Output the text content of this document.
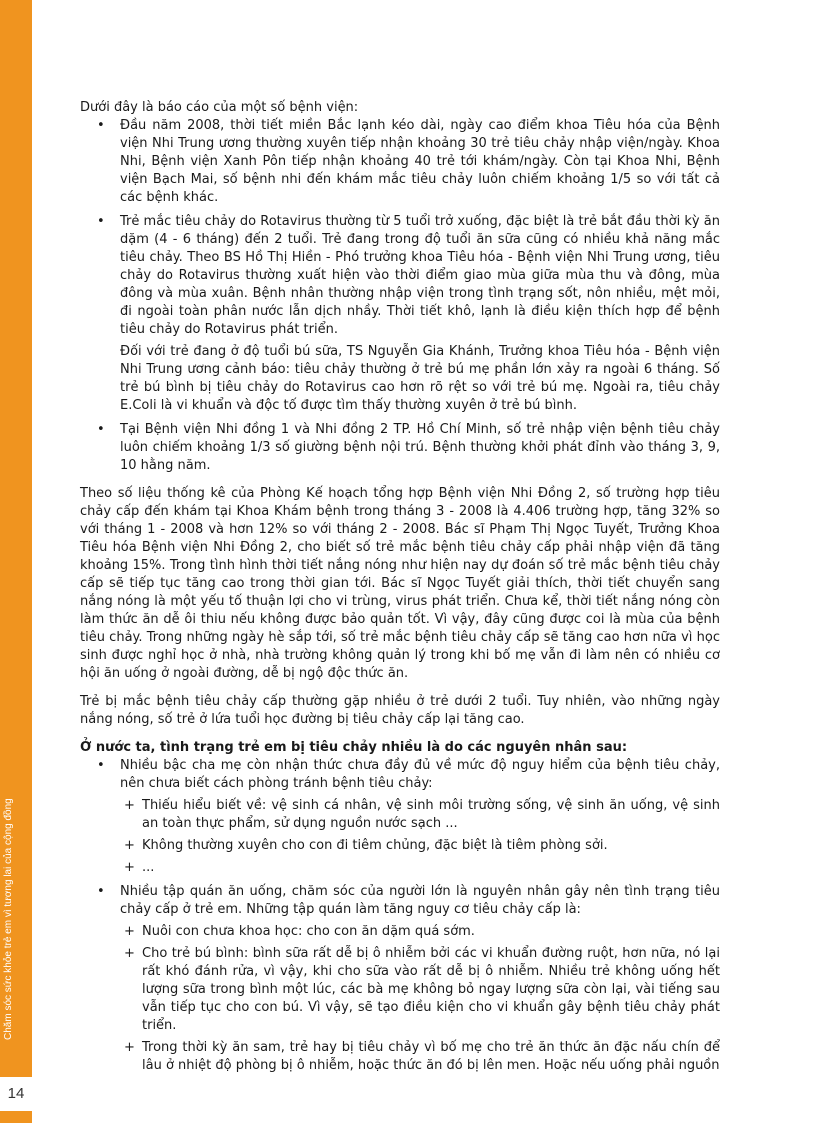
Chăm sóc sức khỏe trẻ em vì tương lai của cộng đồng
14

Dưới đây là báo cáo của một số bệnh viện:

• Đầu năm 2008, thời tiết miền Bắc lạnh kéo dài, ngày cao điểm khoa Tiêu hóa của Bệnh viện Nhi Trung ương thường xuyên tiếp nhận khoảng 30 trẻ tiêu chảy nhập viện/ngày. Khoa Nhi, Bệnh viện Xanh Pôn tiếp nhận khoảng 40 trẻ tới khám/ngày. Còn tại Khoa Nhi, Bệnh viện Bạch Mai, số bệnh nhi đến khám mắc tiêu chảy luôn chiếm khoảng 1/5 so với tất cả các bệnh khác.
• Trẻ mắc tiêu chảy do Rotavirus thường từ 5 tuổi trở xuống, đặc biệt là trẻ bắt đầu thời kỳ ăn dặm (4 - 6 tháng) đến 2 tuổi. Trẻ đang trong độ tuổi ăn sữa cũng có nhiều khả năng mắc tiêu chảy. Theo BS Hồ Thị Hiền - Phó trưởng khoa Tiêu hóa - Bệnh viện Nhi Trung ương, tiêu chảy do Rotavirus thường xuất hiện vào thời điểm giao mùa giữa mùa thu và đông, mùa đông và mùa xuân. Bệnh nhân thường nhập viện trong tình trạng sốt, nôn nhiều, mệt mỏi, đi ngoài toàn phân nước lẫn dịch nhầy. Thời tiết khô, lạnh là điều kiện thích hợp để bệnh tiêu chảy do Rotavirus phát triển.

Đối với trẻ đang ở độ tuổi bú sữa, TS Nguyễn Gia Khánh, Trưởng khoa Tiêu hóa - Bệnh viện Nhi Trung ương cảnh báo: tiêu chảy thường ở trẻ bú mẹ phần lớn xảy ra ngoài 6 tháng. Số trẻ bú bình bị tiêu chảy do Rotavirus cao hơn rõ rệt so với trẻ bú mẹ. Ngoài ra, tiêu chảy E.Coli là vi khuẩn và độc tố được tìm thấy thường xuyên ở trẻ bú bình.

• Tại Bệnh viện Nhi đồng 1 và Nhi đồng 2 TP. Hồ Chí Minh, số trẻ nhập viện bệnh tiêu chảy luôn chiếm khoảng 1/3 số giường bệnh nội trú. Bệnh thường khởi phát đỉnh vào tháng 3, 9, 10 hằng năm.

Theo số liệu thống kê của Phòng Kế hoạch tổng hợp Bệnh viện Nhi Đồng 2, số trường hợp tiêu chảy cấp đến khám tại Khoa Khám bệnh trong tháng 3 - 2008 là 4.406 trường hợp, tăng 32% so với tháng 1 - 2008 và hơn 12% so với tháng 2 - 2008. Bác sĩ Phạm Thị Ngọc Tuyết, Trưởng Khoa Tiêu hóa Bệnh viện Nhi Đồng 2, cho biết số trẻ mắc bệnh tiêu chảy cấp phải nhập viện đã tăng khoảng 15%. Trong tình hình thời tiết nắng nóng như hiện nay dự đoán số trẻ mắc bệnh tiêu chảy cấp sẽ tiếp tục tăng cao trong thời gian tới. Bác sĩ Ngọc Tuyết giải thích, thời tiết chuyển sang nắng nóng là một yếu tố thuận lợi cho vi trùng, virus phát triển. Chưa kể, thời tiết nắng nóng còn làm thức ăn dễ ôi thiu nếu không được bảo quản tốt. Vì vậy, đây cũng được coi là mùa của bệnh tiêu chảy. Trong những ngày hè sắp tới, số trẻ mắc bệnh tiêu chảy cấp sẽ tăng cao hơn nữa vì học sinh được nghỉ học ở nhà, nhà trường không quản lý trong khi bố mẹ vẫn đi làm nên có nhiều cơ hội ăn uống ở ngoài đường, dễ bị ngộ độc thức ăn.

Trẻ bị mắc bệnh tiêu chảy cấp thường gặp nhiều ở trẻ dưới 2 tuổi. Tuy nhiên, vào những ngày nắng nóng, số trẻ ở lứa tuổi học đường bị tiêu chảy cấp lại tăng cao.

Ở nước ta, tình trạng trẻ em bị tiêu chảy nhiều là do các nguyên nhân sau:

• Nhiều bậc cha mẹ còn nhận thức chưa đầy đủ về mức độ nguy hiểm của bệnh tiêu chảy, nên chưa biết cách phòng tránh bệnh tiêu chảy:
+ Thiếu hiểu biết về: vệ sinh cá nhân, vệ sinh môi trường sống, vệ sinh ăn uống, vệ sinh an toàn thực phẩm, sử dụng nguồn nước sạch ...
+ Không thường xuyên cho con đi tiêm chủng, đặc biệt là tiêm phòng sởi.
+ ...
• Nhiều tập quán ăn uống, chăm sóc của người lớn là nguyên nhân gây nên tình trạng tiêu chảy cấp ở trẻ em. Những tập quán làm tăng nguy cơ tiêu chảy cấp là:
+ Nuôi con chưa khoa học: cho con ăn dặm quá sớm.
+ Cho trẻ bú bình: bình sữa rất dễ bị ô nhiễm bởi các vi khuẩn đường ruột, hơn nữa, nó lại rất khó đánh rửa, vì vậy, khi cho sữa vào rất dễ bị ô nhiễm. Nhiều trẻ không uống hết lượng sữa trong bình một lúc, các bà mẹ không bỏ ngay lượng sữa còn lại, vài tiếng sau vẫn tiếp tục cho con bú. Vì vậy, sẽ tạo điều kiện cho vi khuẩn gây bệnh tiêu chảy phát triển.
+ Trong thời kỳ ăn sam, trẻ hay bị tiêu chảy vì bố mẹ cho trẻ ăn thức ăn đặc nấu chín để lâu ở nhiệt độ phòng bị ô nhiễm, hoặc thức ăn đó bị lên men. Hoặc nếu uống phải nguồn
